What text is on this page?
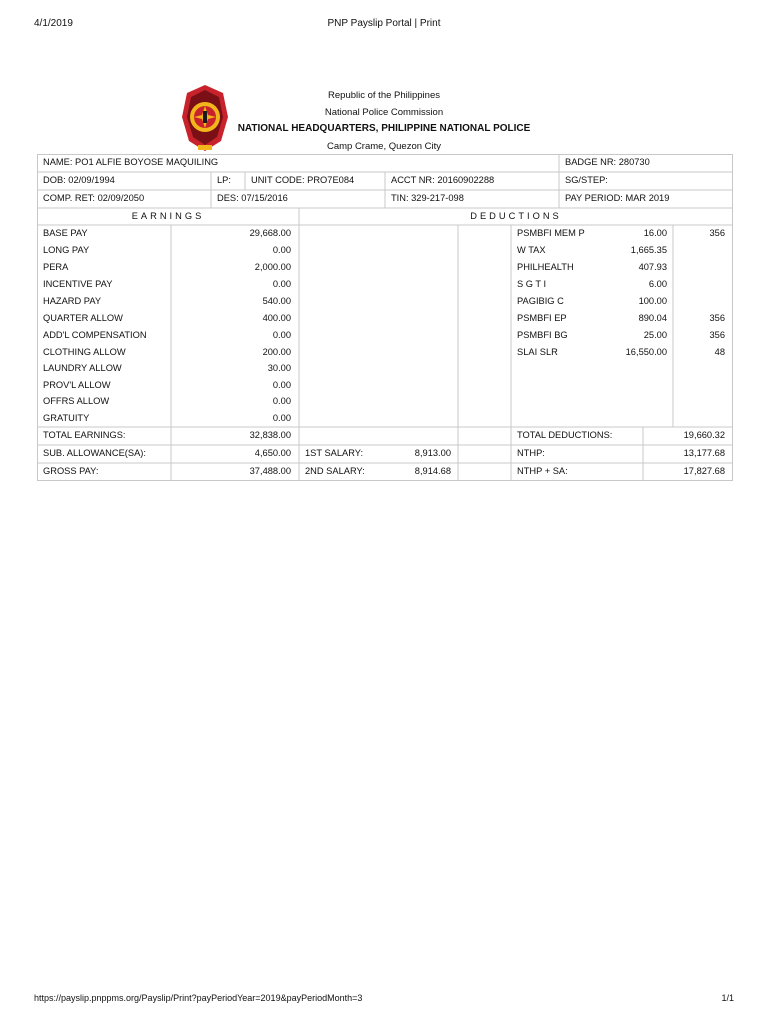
4/1/2019	PNP Payslip Portal | Print
Republic of the Philippines
National Police Commission
NATIONAL HEADQUARTERS, PHILIPPINE NATIONAL POLICE
Camp Crame, Quezon City
NAME: PO1 ALFIE BOYOSE MAQUILING	BADGE NR: 280730
DOB: 02/09/1994	LP: UNIT CODE: PRO7E084	ACCT NR: 20160902288	SG/STEP:
COMP. RET: 02/09/2050	DES: 07/15/2016	TIN: 329-217-098	PAY PERIOD: MAR 2019
EARNINGS	DEDUCTIONS
BASE PAY	29,668.00
LONG PAY	0.00
PERA	2,000.00
INCENTIVE PAY	0.00
HAZARD PAY	540.00
QUARTER ALLOW	400.00
ADD'L COMPENSATION	0.00
CLOTHING ALLOW	200.00
LAUNDRY ALLOW	30.00
PROV'L ALLOW	0.00
OFFRS ALLOW	0.00
GRATUITY	0.00
PSMBFI MEM P	16.00	356
W TAX	1,665.35
PHILHEALTH	407.93
S G T I	6.00
PAGIBIG C	100.00
PSMBFI EP	890.04	356
PSMBFI BG	25.00	356
SLAI SLR	16,550.00	48
TOTAL EARNINGS:	32,838.00	TOTAL DEDUCTIONS:	19,660.32
SUB. ALLOWANCE(SA):	4,650.00 1ST SALARY:	8,913.00	NTHP:	13,177.68
GROSS PAY:	37,488.00 2ND SALARY:	8,914.68	NTHP + SA:	17,827.68
https://payslip.pnppms.org/Payslip/Print?payPeriodYear=2019&payPeriodMonth=3	1/1
